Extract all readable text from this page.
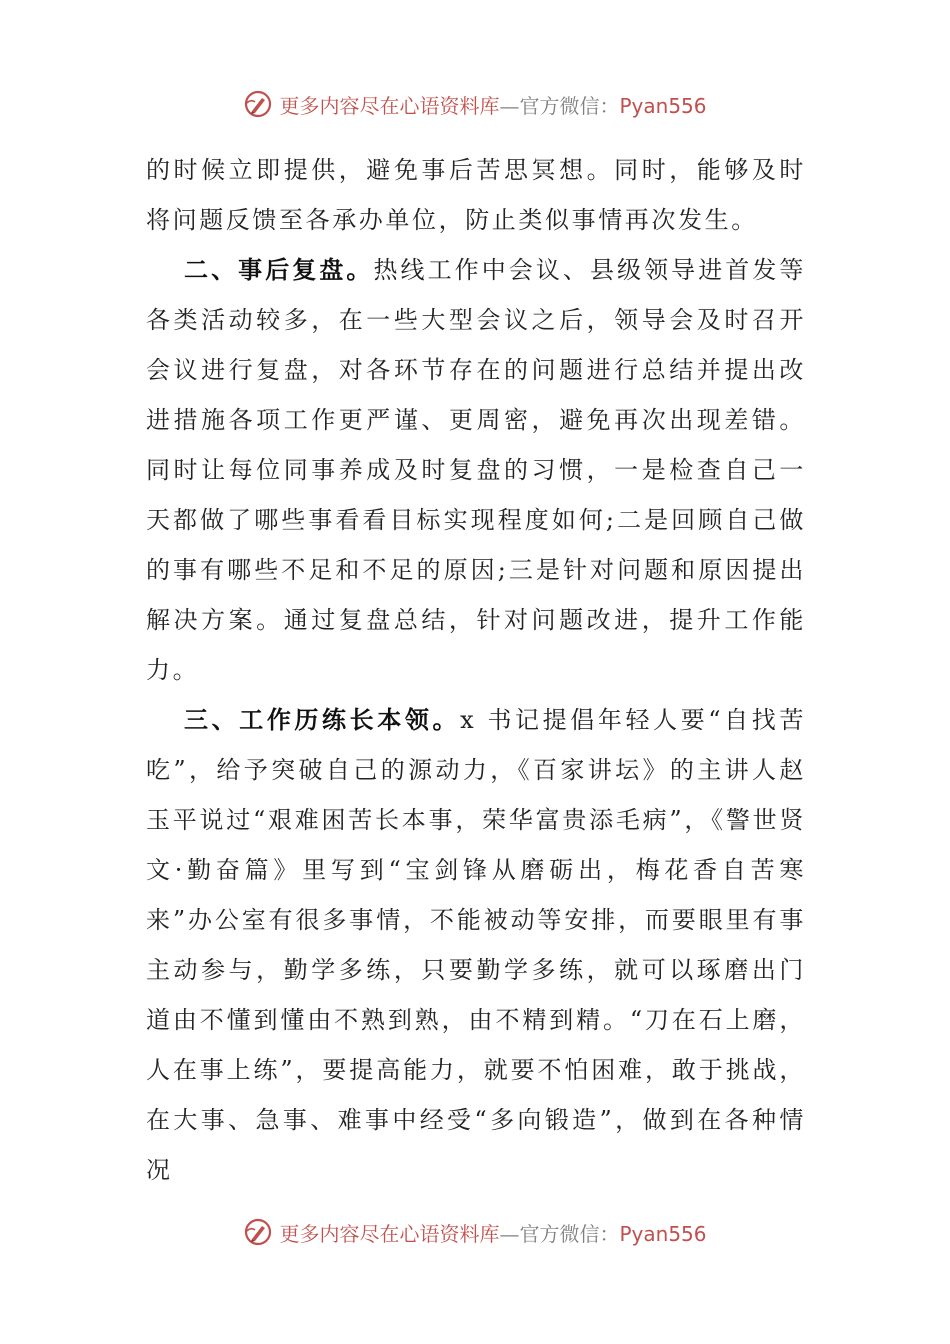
更多内容尽在心语资料库—官方微信：Pyan556

的时候立即提供，避免事后苦思冥想。同时，能够及时将问题反馈至各承办单位，防止类似事情再次发生。

二、事后复盘。热线工作中会议、县级领导进首发等各类活动较多，在一些大型会议之后，领导会及时召开会议进行复盘，对各环节存在的问题进行总结并提出改进措施各项工作更严谨、更周密，避免再次出现差错。同时让每位同事养成及时复盘的习惯，一是检查自己一天都做了哪些事看看目标实现程度如何;二是回顾自己做的事有哪些不足和不足的原因;三是针对问题和原因提出解决方案。通过复盘总结，针对问题改进，提升工作能力。

三、工作历练长本领。x 书记提倡年轻人要“自找苦吃”，给予突破自己的源动力，《百家讲坛》的主讲人赵玉平说过“艰难困苦长本事，荣华富贵添毛病”，《警世贤文·勤奋篇》里写到“宝剑锋从磨砺出，梅花香自苦寒来”办公室有很多事情，不能被动等安排，而要眼里有事主动参与，勤学多练，只要勤学多练，就可以琢磨出门道由不懂到懂由不熟到熟，由不精到精。“刀在石上磨，人在事上练”，要提高能力，就要不怕困难，敢于挑战，在大事、急事、难事中经受“多向锻造”，做到在各种情况

更多内容尽在心语资料库—官方微信：Pyan556
